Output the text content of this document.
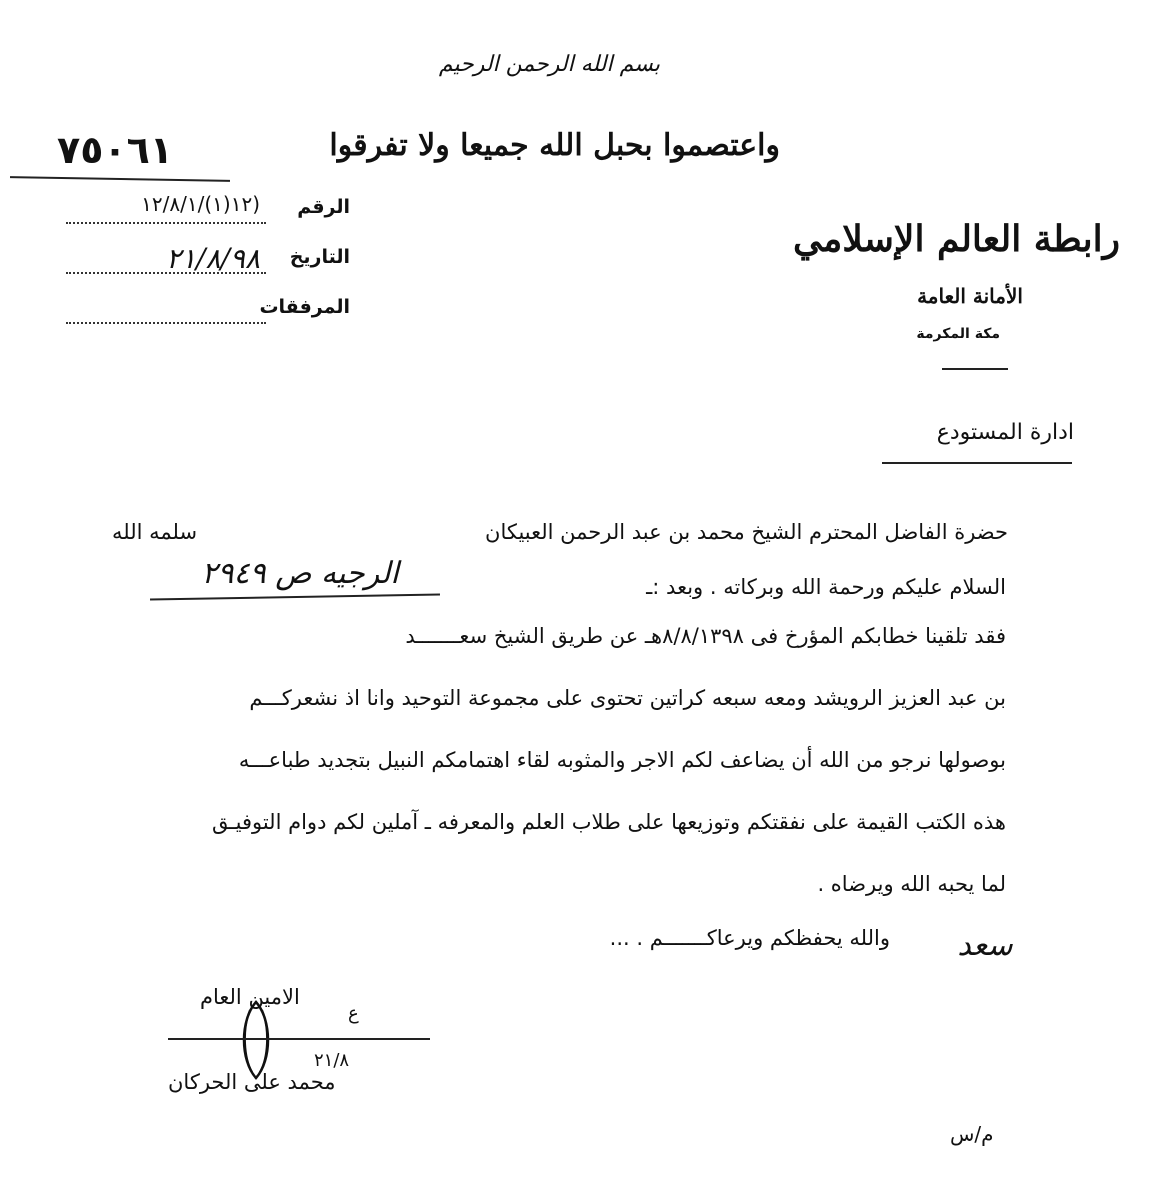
بسم الله الرحمن الرحيم
واعتصموا بحبل الله جميعا ولا تفرقوا
٧٥٠٦١
الرقم
١٢(١)/١٢/٨/١)
التاريخ
٢١/٨/٩٨
المرفقات
رابطة العالم الإسلامي
الأمانة العامة
مكة المكرمة
ادارة المستودع
حضرة الفاضل المحترم الشيخ محمد بن عبد الرحمن العبيكان
سلمه الله
السلام عليكم ورحمة الله وبركاته . وبعد :ـ
الرجيه ص ٢٩٤٩
فقد تلقينا خطابكم المؤرخ فى ٨/٨/١٣٩٨هـ عن طريق الشيخ سعـــــــد
بن عبد العزيز الرويشد ومعه سبعه كراتين تحتوى على مجموعة التوحيد وانا اذ نشعركـــم
بوصولها نرجو من الله أن يضاعف لكم الاجر والمثوبه لقاء اهتمامكم النبيل بتجديد طباعـــه
هذه الكتب القيمة على نفقتكم وتوزيعها على طلاب العلم والمعرفه ـ آملين لكم دوام التوفيـق
لما يحبه الله ويرضاه .
والله يحفظكم ويرعاكـــــــم . ... سعد
الامين العام
ع
٢١/٨
محمد على الحركان
م/س
